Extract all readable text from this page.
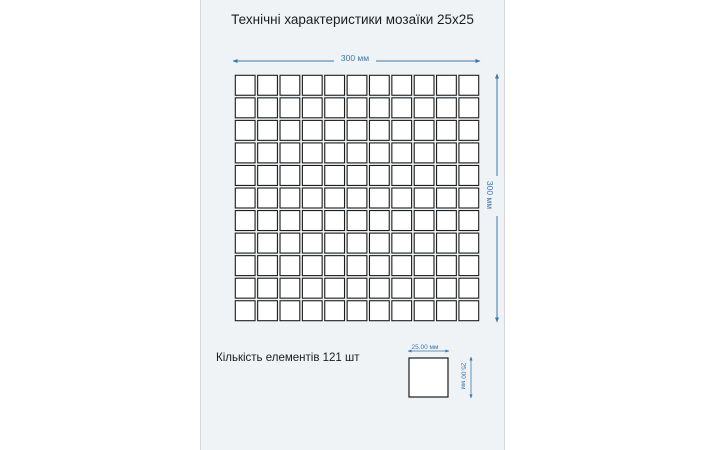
Технічні характеристики мозаїки 25х25

300 мм

300 мм

Кількість елементів 121 шт

25.00 мм

25.00 мм
